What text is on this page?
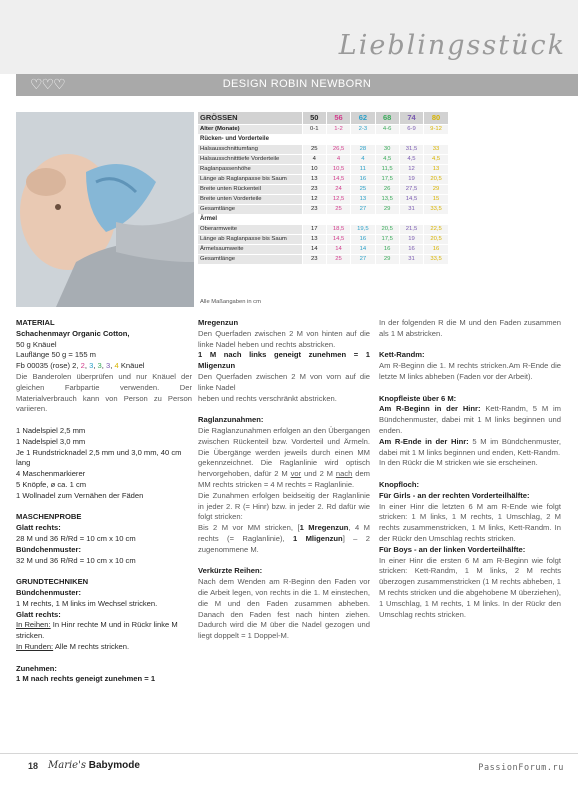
Lieblingsstück
♡♡♡	DESIGN ROBIN NEWBORN
GRÖSSEN	50	56	62	68	74	80
Alter (Monate)	0-1	1-2	2-3	4-6	6-9	9-12
Rücken- und Vorderteile						
Halsausschnittumfang	25	26,5	28	30	31,5	33
Halsausschnitttiefe Vorderteile	4	4	4	4,5	4,5	4,5
Raglanpassenhöhe	10	10,5	11	11,5	12	13
Länge ab Raglanpasse bis Saum	13	14,5	16	17,5	19	20,5
Breite unten Rückenteil	23	24	25	26	27,5	29
Breite unten Vorderteile	12	12,5	13	13,5	14,5	15
Gesamtlänge	23	25	27	29	31	33,5
Ärmel						
Oberarmweite	17	18,5	19,5	20,5	21,5	22,5
Länge ab Raglanpasse bis Saum	13	14,5	16	17,5	19	20,5
Ärmelsaumweite	14	14	14	16	16	16
Gesamtlänge	23	25	27	29	31	33,5
Alle Maßangaben in cm

MATERIAL

Schachenmayr Organic Cotton,

50 g Knäuel

Lauflänge 50 g = 155 m

Fb 00035 (rose) 2, 2, 3, 3, 3, 4 Knäuel

Die Banderolen überprüfen und nur Knäuel der gleichen Farbpartie verwenden. Der Materialverbrauch kann von Person zu Person variieren.

1 Nadelspiel 2,5 mm

1 Nadelspiel 3,0 mm

Je 1 Rundstricknadel 2,5 mm und 3,0 mm, 40 cm lang

4 Maschenmarkierer

5 Knöpfe, ø ca. 1 cm

1 Wollnadel zum Vernähen der Fäden

MASCHENPROBE

Glatt rechts:

28 M und 36 R/Rd = 10 cm x 10 cm

Bündchenmuster:

32 M und 36 R/Rd = 10 cm x 10 cm

GRUNDTECHNIKEN

Bündchenmuster:

1 M rechts, 1 M links im Wechsel stricken.

Glatt rechts:

In Reihen: In Hinr rechte M und in Rückr linke M stricken.

In Runden: Alle M rechts stricken.

Zunehmen:

1 M nach rechts geneigt zunehmen = 1

Mregenzun

Den Querfaden zwischen 2 M von hinten auf die linke Nadel heben und rechts abstricken.

1 M nach links geneigt zunehmen = 1 Mligenzun

Den Querfaden zwischen 2 M von vorn auf die linke Nadel

heben und rechts verschränkt abstricken.

Raglanzunahmen:

Die Raglanzunahmen erfolgen an den Übergangen zwischen Rückenteil bzw. Vorderteil und Ärmeln. Die Übergänge werden jeweils durch einen MM gekennzeichnet. Die Raglanlinie wird optisch hervorgehoben, dafür 2 M vor und 2 M nach dem MM rechts stricken = 4 M rechts = Raglanlinie.

Die Zunahmen erfolgen beidseitig der Raglanlinie in jeder 2. R (= Hinr) bzw. in jeder 2. Rd dafür wie folgt stricken:

Bis 2 M vor MM stricken, [1 Mregenzun, 4 M rechts (= Raglanlinie), 1 Mligenzun] – 2 zugenommene M.

Verkürzte Reihen:

Nach dem Wenden am R-Beginn den Faden vor die Arbeit legen, von rechts in die 1. M einstechen, die M und den Faden zusammen abheben. Danach den Faden fest nach hinten ziehen. Dadurch wird die M über die Nadel gezogen und liegt doppelt = 1 Doppel-M.

In der folgenden R die M und den Faden zusammen als 1 M abstricken.

Kett-Randm:

Am R-Beginn die 1. M rechts stricken.Am R-Ende die letzte M links abheben (Faden vor der Arbeit).

Knopfleiste über 6 M:

Am R-Beginn in der Hinr: Kett-Randm, 5 M im Bündchenmuster, dabei mit 1 M links beginnen und enden.

Am R-Ende in der Hinr: 5 M im Bündchenmuster, dabei mit 1 M links beginnen und enden, Kett-Randm.

In den Rückr die M stricken wie sie erscheinen.

Knopfloch:

Für Girls - an der rechten Vorderteilhälfte:

In einer Hinr die letzten 6 M am R-Ende wie folgt stricken: 1 M links, 1 M rechts, 1 Umschlag, 2 M rechts zusammenstricken, 1 M links, Kett-Randm. In der Rückr den Umschlag rechts stricken.

Für Boys - an der linken Vorderteilhälfte:

In einer Hinr die ersten 6 M am R-Beginn wie folgt stricken: Kett-Randm, 1 M links, 2 M rechts überzogen zusammenstricken (1 M rechts abheben, 1 M rechts stricken und die abgehobene M überziehen), 1 Umschlag, 1 M rechts, 1 M links. In der Rückr den Umschlag rechts stricken.

18 Marie's Babymode	PassionForum.ru
